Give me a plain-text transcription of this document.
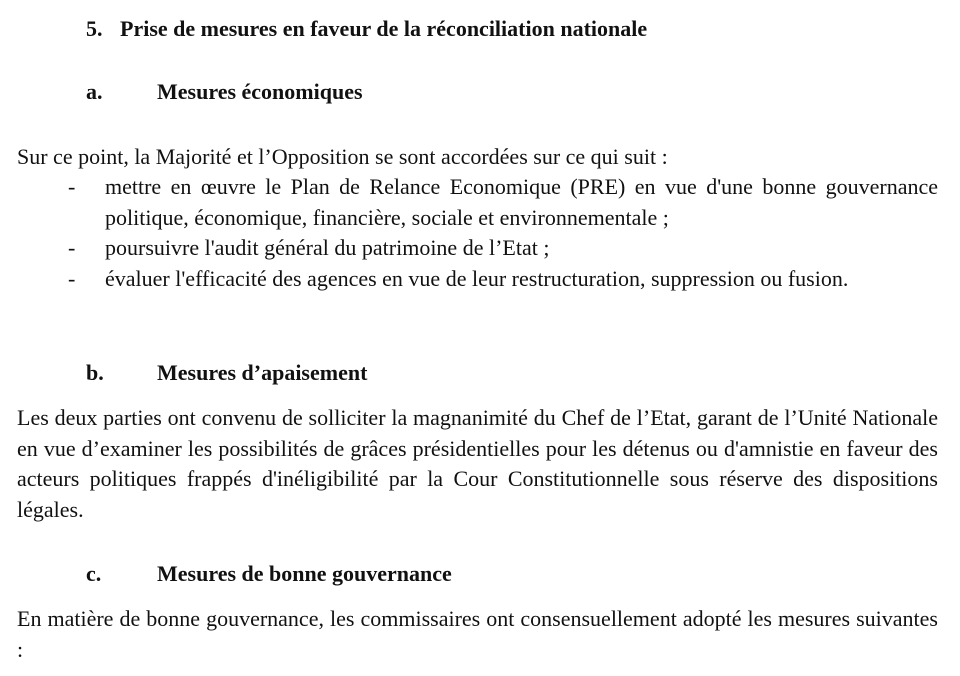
5. Prise de mesures en faveur de la réconciliation nationale
a. Mesures économiques

Sur ce point, la Majorité et l’Opposition se sont accordées sur ce qui suit :

- mettre en œuvre le Plan de Relance Economique (PRE) en vue d'une bonne gouvernance politique, économique, financière, sociale et environnementale ;
- poursuivre l'audit général du patrimoine de l’Etat ;
- évaluer l'efficacité des agences en vue de leur restructuration, suppression ou fusion.
b. Mesures d’apaisement

Les deux parties ont convenu de solliciter la magnanimité du Chef de l’Etat, garant de l’Unité Nationale en vue d’examiner les possibilités de grâces présidentielles pour les détenus ou d'amnistie en faveur des acteurs politiques frappés d'inéligibilité par la Cour Constitutionnelle sous réserve des dispositions légales.

c.	Mesures de bonne gouvernance

En matière de bonne gouvernance, les commissaires ont consensuellement adopté les mesures suivantes :
